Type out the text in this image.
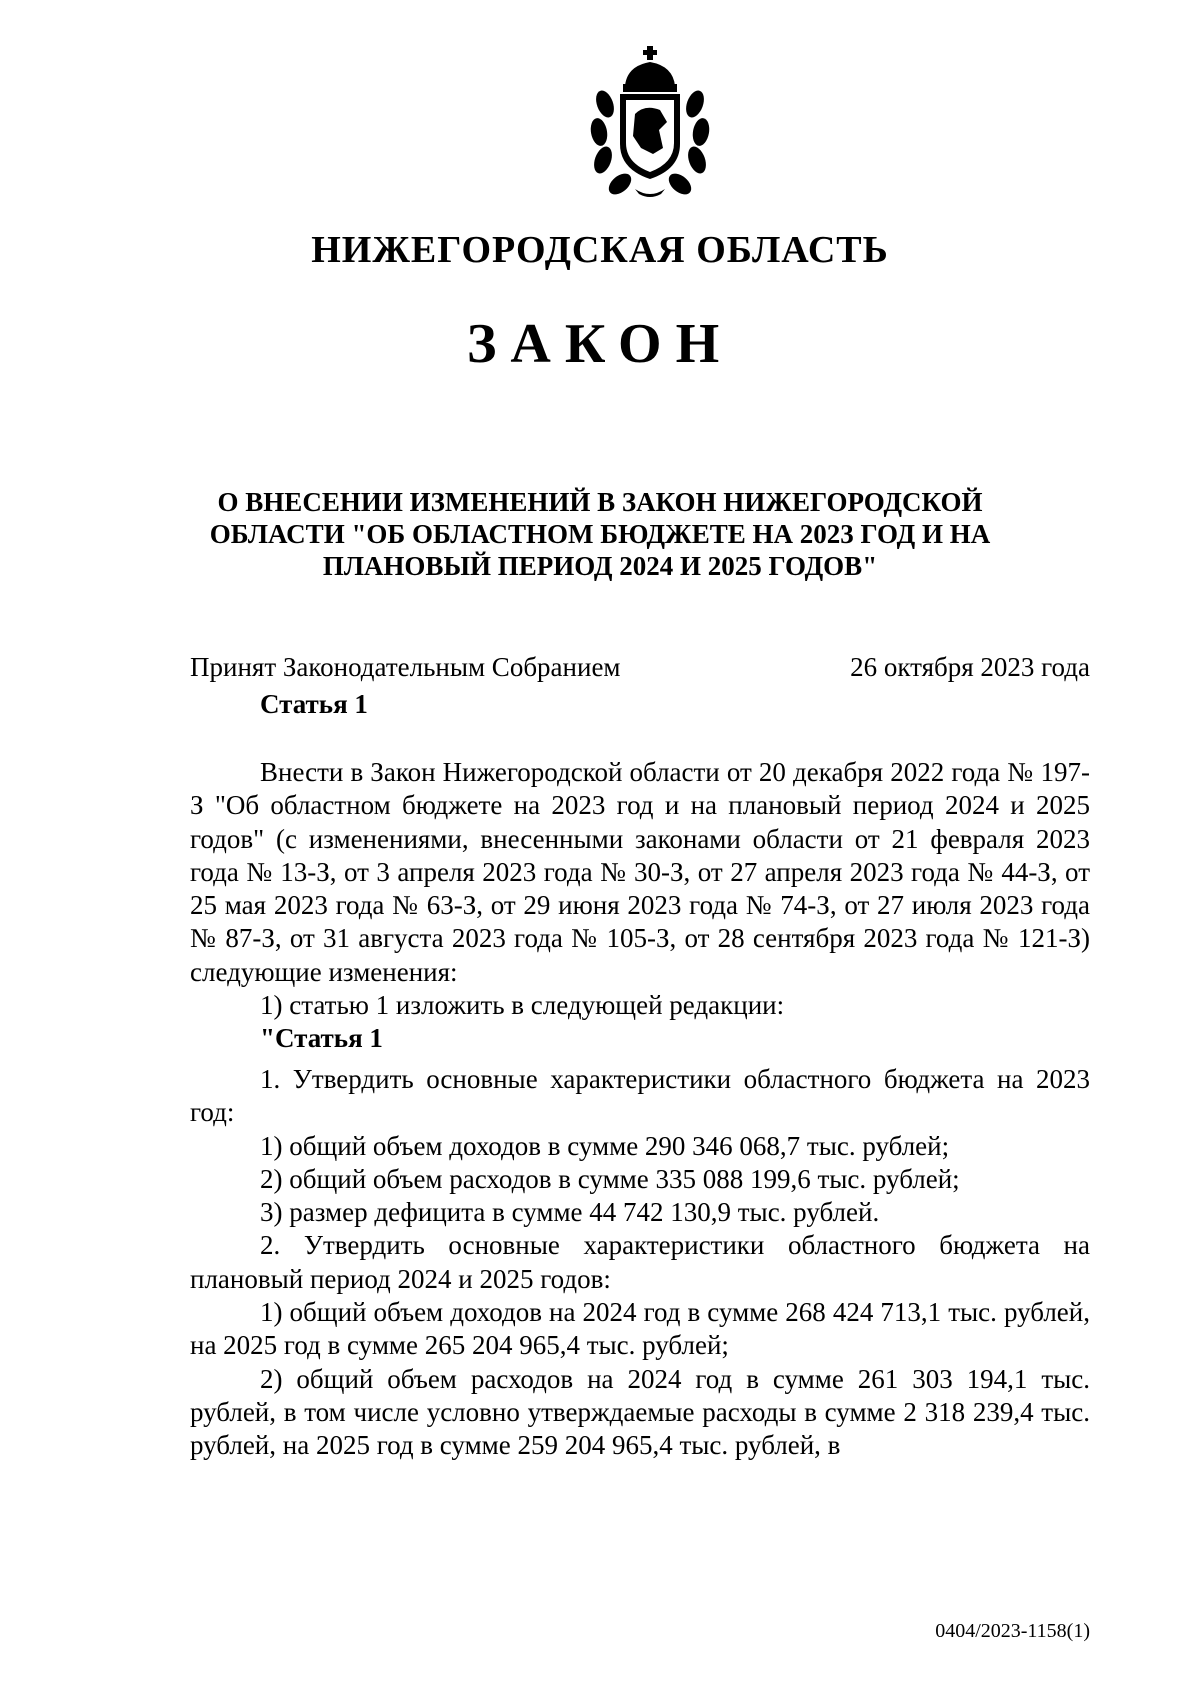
НИЖЕГОРОДСКАЯ ОБЛАСТЬ
ЗАКОН
О ВНЕСЕНИИ ИЗМЕНЕНИЙ В ЗАКОН НИЖЕГОРОДСКОЙ ОБЛАСТИ "ОБ ОБЛАСТНОМ БЮДЖЕТЕ НА 2023 ГОД И НА ПЛАНОВЫЙ ПЕРИОД 2024 И 2025 ГОДОВ"
Принят Законодательным Собранием	26 октября 2023 года

Статья 1

Внести в Закон Нижегородской области от 20 декабря 2022 года № 197-З "Об областном бюджете на 2023 год и на плановый период 2024 и 2025 годов" (с изменениями, внесенными законами области от 21 февраля 2023 года № 13-З, от 3 апреля 2023 года № 30-З, от 27 апреля 2023 года № 44-З, от 25 мая 2023 года № 63-З, от 29 июня 2023 года № 74-З, от 27 июля 2023 года № 87-З, от 31 августа 2023 года № 105-З, от 28 сентября 2023 года № 121-З) следующие изменения:

1) статью 1 изложить в следующей редакции:

"Статья 1

1. Утвердить основные характеристики областного бюджета на 2023 год:

1) общий объем доходов в сумме 290 346 068,7 тыс. рублей;

2) общий объем расходов в сумме 335 088 199,6 тыс. рублей;

3) размер дефицита в сумме 44 742 130,9 тыс. рублей.

2. Утвердить основные характеристики областного бюджета на плановый период 2024 и 2025 годов:

1) общий объем доходов на 2024 год в сумме 268 424 713,1 тыс. рублей, на 2025 год в сумме 265 204 965,4 тыс. рублей;

2) общий объем расходов на 2024 год в сумме 261 303 194,1 тыс. рублей, в том числе условно утверждаемые расходы в сумме 2 318 239,4 тыс. рублей, на 2025 год в сумме 259 204 965,4 тыс. рублей, в

0404/2023-1158(1)
